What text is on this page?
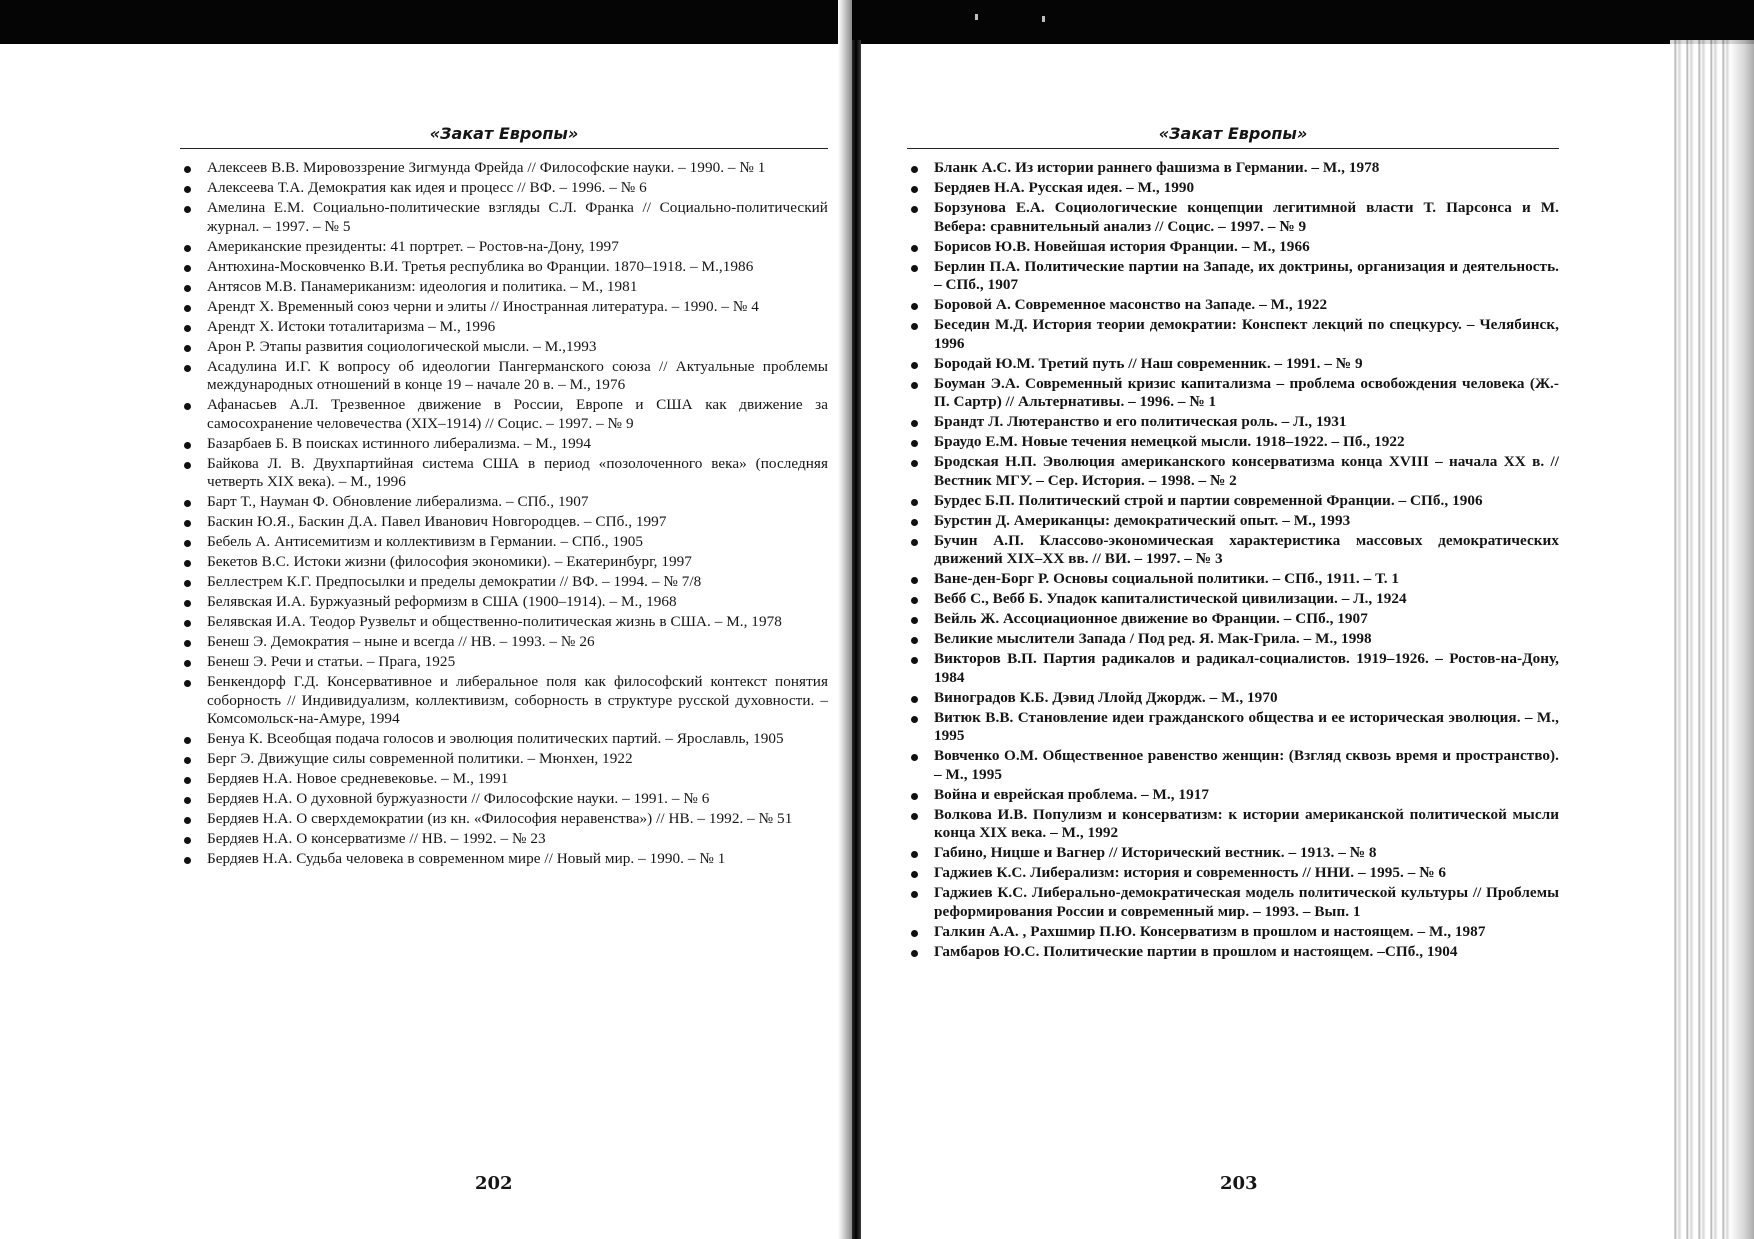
«Закат Европы»
Алексеев В.В. Мировоззрение Зигмунда Фрейда // Философские науки. – 1990. – № 1
Алексеева Т.А. Демократия как идея и процесс // ВФ. – 1996. – № 6
Амелина Е.М. Социально-политические взгляды С.Л. Франка // Социально-политический журнал. – 1997. – № 5
Американские президенты: 41 портрет. – Ростов-на-Дону, 1997
Антюхина-Московченко В.И. Третья республика во Франции. 1870–1918. – М.,1986
Антясов М.В. Панамериканизм: идеология и политика. – М., 1981
Арендт Х. Временный союз черни и элиты // Иностранная литература. – 1990. – № 4
Арендт Х. Истоки тоталитаризма – М., 1996
Арон Р. Этапы развития социологической мысли. – М.,1993
Асадулина И.Г. К вопросу об идеологии Пангерманского союза // Актуальные проблемы международных отношений в конце 19 – начале 20 в. – М., 1976
Афанасьев А.Л. Трезвенное движение в России, Европе и США как движение за самосохранение человечества (XIX–1914) // Социс. – 1997. – № 9
Базарбаев Б. В поисках истинного либерализма. – М., 1994
Байкова Л. В. Двухпартийная система США в период «позолоченного века» (последняя четверть XIX века). – М., 1996
Барт Т., Науман Ф. Обновление либерализма. – СПб., 1907
Баскин Ю.Я., Баскин Д.А. Павел Иванович Новгородцев. – СПб., 1997
Бебель А. Антисемитизм и коллективизм в Германии. – СПб., 1905
Бекетов В.С. Истоки жизни (философия экономики). – Екатеринбург, 1997
Беллестрем К.Г. Предпосылки и пределы демократии // ВФ. – 1994. – № 7/8
Белявская И.А. Буржуазный реформизм в США (1900–1914). – М., 1968
Белявская И.А. Теодор Рузвельт и общественно-политическая жизнь в США. – М., 1978
Бенеш Э. Демократия – ныне и всегда // НВ. – 1993. – № 26
Бенеш Э. Речи и статьи. – Прага, 1925
Бенкендорф Г.Д. Консервативное и либеральное поля как философский контекст понятия соборность // Индивидуализм, коллективизм, соборность в структуре русской духовности. – Комсомольск-на-Амуре, 1994
Бенуа К. Всеобщая подача голосов и эволюция политических партий. – Ярославль, 1905
Берг Э. Движущие силы современной политики. – Мюнхен, 1922
Бердяев Н.А. Новое средневековье. – М., 1991
Бердяев Н.А. О духовной буржуазности // Философские науки. – 1991. – № 6
Бердяев Н.А. О сверхдемократии (из кн. «Философия неравенства») // НВ. – 1992. – № 51
Бердяев Н.А. О консерватизме // НВ. – 1992. – № 23
Бердяев Н.А. Судьба человека в современном мире // Новый мир. – 1990. – № 1
202
«Закат Европы»
Бланк А.С. Из истории раннего фашизма в Германии. – М., 1978
Бердяев Н.А. Русская идея. – М., 1990
Борзунова Е.А. Социологические концепции легитимной власти Т. Парсонса и М. Вебера: сравнительный анализ // Социс. – 1997. – № 9
Борисов Ю.В. Новейшая история Франции. – М., 1966
Берлин П.А. Политические партии на Западе, их доктрины, организация и деятельность. – СПб., 1907
Боровой А. Современное масонство на Западе. – М., 1922
Беседин М.Д. История теории демократии: Конспект лекций по спецкурсу. – Челябинск, 1996
Бородай Ю.М. Третий путь // Наш современник. – 1991. – № 9
Боуман Э.А. Современный кризис капитализма – проблема освобождения человека (Ж.-П. Сартр) // Альтернативы. – 1996. – № 1
Брандт Л. Лютеранство и его политическая роль. – Л., 1931
Браудо Е.М. Новые течения немецкой мысли. 1918–1922. – Пб., 1922
Бродская Н.П. Эволюция американского консерватизма конца XVIII – начала XX в. // Вестник МГУ. – Сер. История. – 1998. – № 2
Бурдес Б.П. Политический строй и партии современной Франции. – СПб., 1906
Бурстин Д. Американцы: демократический опыт. – М., 1993
Бучин А.П. Классово-экономическая характеристика массовых демократических движений XIX–XX вв. // ВИ. – 1997. – № 3
Ване-ден-Борг Р. Основы социальной политики. – СПб., 1911. – Т. 1
Вебб С., Вебб Б. Упадок капиталистической цивилизации. – Л., 1924
Вейль Ж. Ассоциационное движение во Франции. – СПб., 1907
Великие мыслители Запада / Под ред. Я. Мак-Грила. – М., 1998
Викторов В.П. Партия радикалов и радикал-социалистов. 1919–1926. – Ростов-на-Дону, 1984
Виноградов К.Б. Дэвид Ллойд Джордж. – М., 1970
Витюк В.В. Становление идеи гражданского общества и ее историческая эволюция. – М., 1995
Вовченко О.М. Общественное равенство женщин: (Взгляд сквозь время и пространство). – М., 1995
Война и еврейская проблема. – М., 1917
Волкова И.В. Популизм и консерватизм: к истории американской политической мысли конца XIX века. – М., 1992
Габино, Ницше и Вагнер // Исторический вестник. – 1913. – № 8
Гаджиев К.С. Либерализм: история и современность // ННИ. – 1995. – № 6
Гаджиев К.С. Либерально-демократическая модель политической культуры // Проблемы реформирования России и современный мир. – 1993. – Вып. 1
Галкин А.А. , Рахшмир П.Ю. Консерватизм в прошлом и настоящем. – М., 1987
Гамбаров Ю.С. Политические партии в прошлом и настоящем. –СПб., 1904
203
